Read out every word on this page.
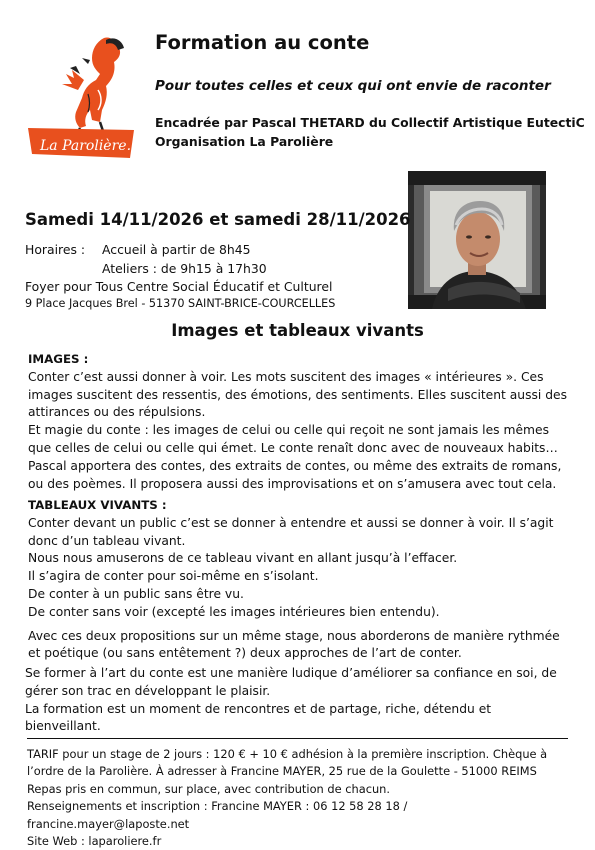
La Parolière...
Formation au conte
Pour toutes celles et ceux qui ont envie de raconter
Encadrée par Pascal THETARD du Collectif Artistique EutectiC
Organisation La Parolière
Samedi 14/11/2026 et samedi 28/11/2026
Horaires : Accueil à partir de 8h45
Ateliers : de 9h15 à 17h30
Foyer pour Tous Centre Social Éducatif et Culturel
9 Place Jacques Brel - 51370 SAINT-BRICE-COURCELLES
Images et tableaux vivants
IMAGES :
Conter c’est aussi donner à voir. Les mots suscitent des images « intérieures ». Ces images suscitent des ressentis, des émotions, des sentiments. Elles suscitent aussi des attirances ou des répulsions.
Et magie du conte : les images de celui ou celle qui reçoit ne sont jamais les mêmes que celles de celui ou celle qui émet. Le conte renaît donc avec de nouveaux habits…
Pascal apportera des contes, des extraits de contes, ou même des extraits de romans, ou des poèmes. Il proposera aussi des improvisations et on s’amusera avec tout cela.
TABLEAUX VIVANTS :
Conter devant un public c’est se donner à entendre et aussi se donner à voir. Il s’agit donc d’un tableau vivant.
Nous nous amuserons de ce tableau vivant en allant jusqu’à l’effacer.
Il s’agira de conter pour soi-même en s’isolant.
De conter à un public sans être vu.
De conter sans voir (excepté les images intérieures bien entendu).
Avec ces deux propositions sur un même stage, nous aborderons de manière rythmée et poétique (ou sans entêtement ?) deux approches de l’art de conter.
Se former à l’art du conte est une manière ludique d’améliorer sa confiance en soi, de gérer son trac en développant le plaisir.
La formation est un moment de rencontres et de partage, riche, détendu et bienveillant.
TARIF pour un stage de 2 jours : 120 € + 10 € adhésion à la première inscription. Chèque à l’ordre de la Parolière. À adresser à Francine MAYER, 25 rue de la Goulette - 51000 REIMS
Repas pris en commun, sur place, avec contribution de chacun.
Renseignements et inscription : Francine MAYER : 06 12 58 28 18 / francine.mayer@laposte.net
Site Web : laparoliere.fr
